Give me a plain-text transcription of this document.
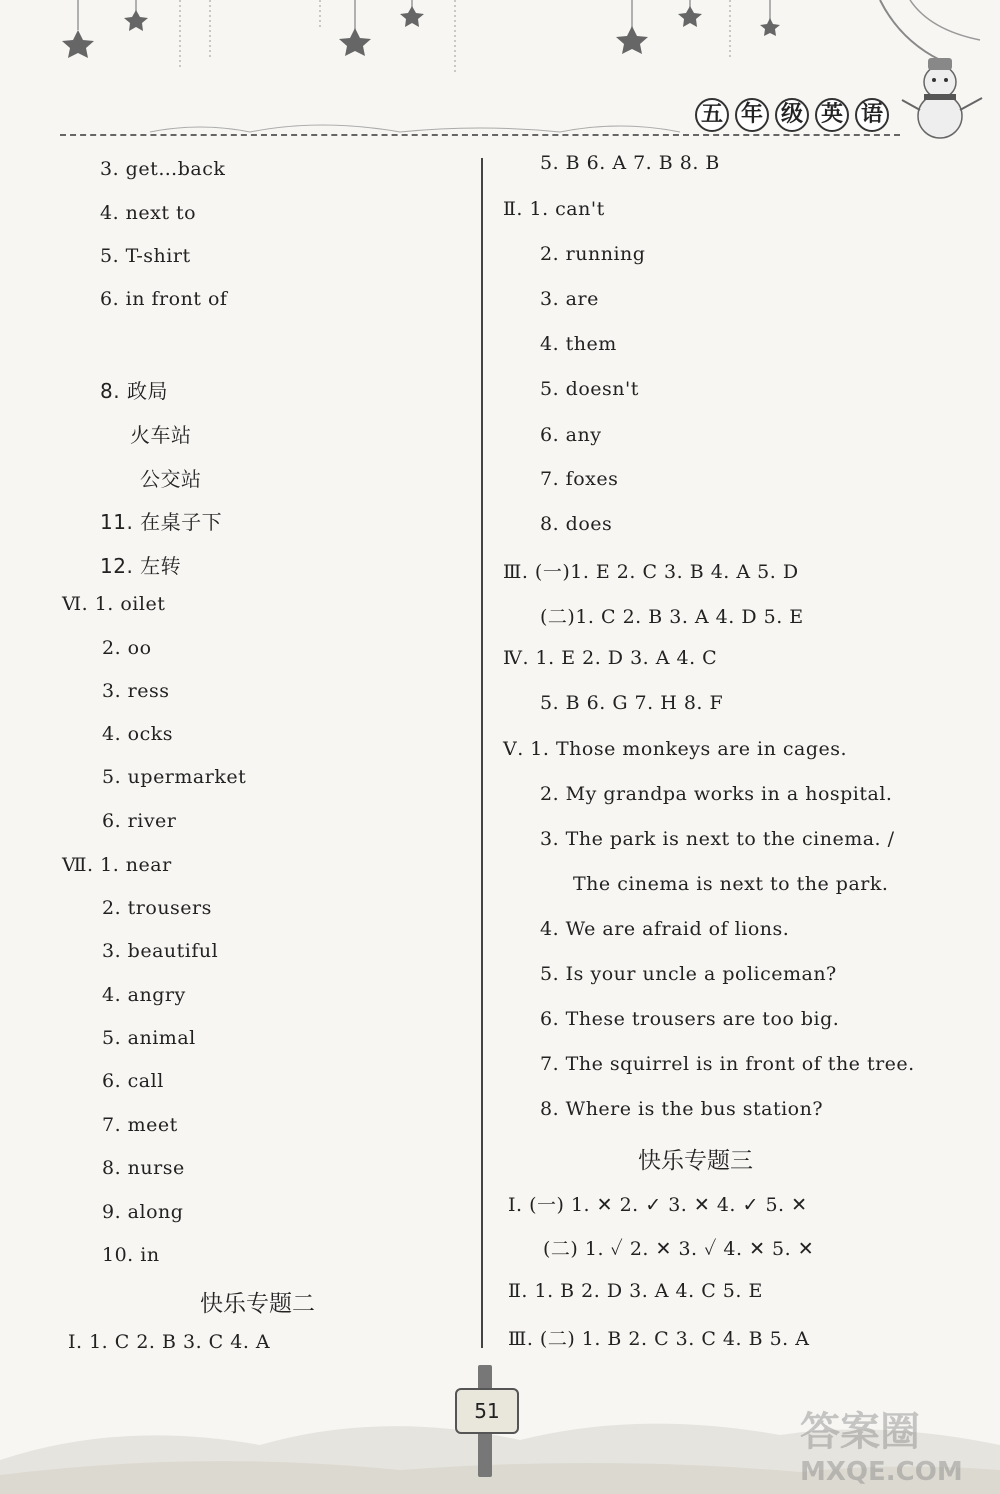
五 年 级 英 语
3. get…back
4. next to
5. T-shirt
6. in front of
8. 政局
火车站
公交站
11. 在桌子下
12. 左转
Ⅵ. 1. oilet
2. oo
3. ress
4. ocks
5. upermarket
6. river
Ⅶ. 1. near
2. trousers
3. beautiful
4. angry
5. animal
6. call
7. meet
8. nurse
9. along
10. in
Ⅰ. 1. C 2. B 3. C 4. A
快乐专题二
5. B 6. A 7. B 8. B
Ⅱ. 1. can't
2. running
3. are
4. them
5. doesn't
6. any
7. foxes
8. does
Ⅲ. (一)1. E 2. C 3. B 4. A 5. D
(二)1. C 2. B 3. A 4. D 5. E
Ⅳ. 1. E 2. D 3. A 4. C
5. B 6. G 7. H 8. F
Ⅴ. 1. Those monkeys are in cages.
2. My grandpa works in a hospital.
3. The park is next to the cinema. /
The cinema is next to the park.
4. We are afraid of lions.
5. Is your uncle a policeman?
6. These trousers are too big.
7. The squirrel is in front of the tree.
8. Where is the bus station?
Ⅰ. (一) 1. ✕ 2. ✓ 3. ✕ 4. ✓ 5. ✕
(二) 1. ✓ 2. ✕ 3. ✓ 4. ✕ 5. ✕
Ⅱ. 1. B 2. D 3. A 4. C 5. E
Ⅲ. (二) 1. B 2. C 3. C 4. B 5. A
快乐专题三
51	答案圈
MXQE.COM
